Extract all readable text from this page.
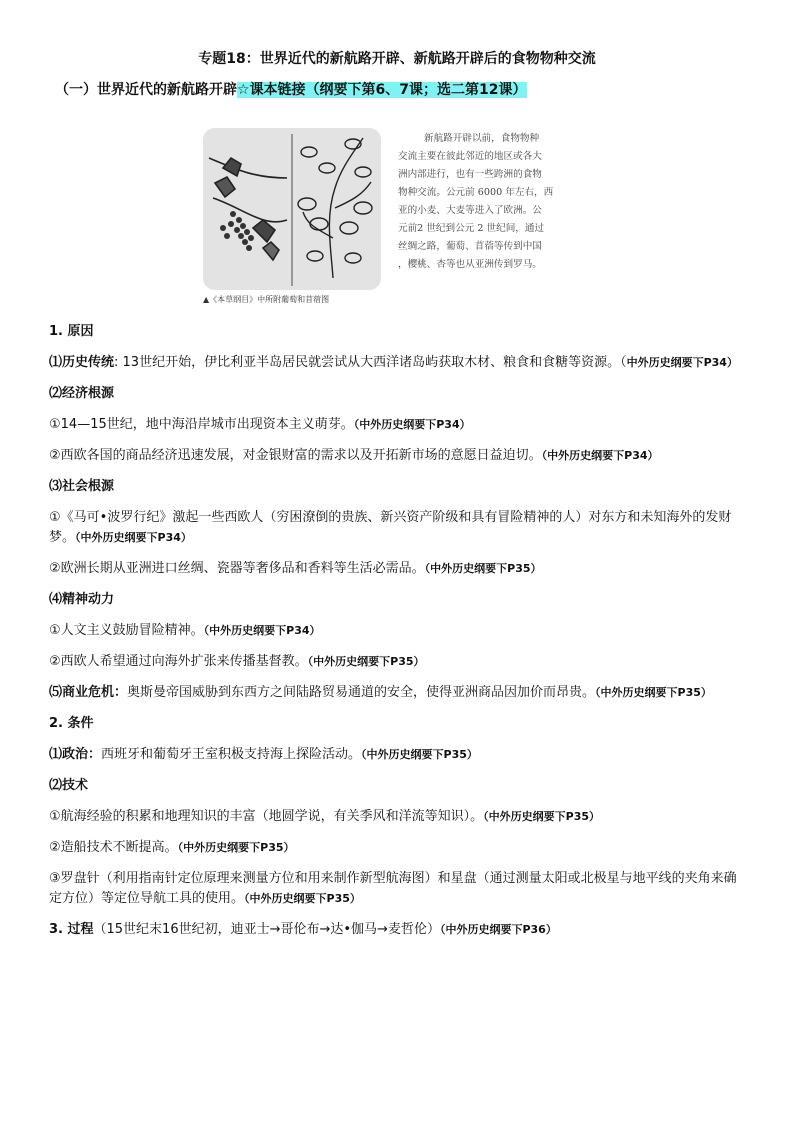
专题18：世界近代的新航路开辟、新航路开辟后的食物物种交流
（一）世界近代的新航路开辟☆课本链接（纲要下第6、7课；选二第12课）
▲《本草纲目》中所附葡萄和苜蓿图

新航路开辟以前，食物物种

交流主要在彼此邻近的地区或各大

洲内部进行，也有一些跨洲的食物

物种交流。公元前 6000 年左右，西

亚的小麦、大麦等进入了欧洲。公

元前2 世纪到公元 2 世纪间，通过

丝绸之路，葡萄、苜蓿等传到中国

，樱桃、杏等也从亚洲传到罗马。

1. 原因

⑴历史传统: 13世纪开始，伊比利亚半岛居民就尝试从大西洋诸岛屿获取木材、粮食和食糖等资源。（中外历史纲要下P34）

⑵经济根源

①14—15世纪，地中海沿岸城市出现资本主义萌芽。（中外历史纲要下P34）

②西欧各国的商品经济迅速发展，对金银财富的需求以及开拓新市场的意愿日益迫切。（中外历史纲要下P34）

⑶社会根源

①《马可•波罗行纪》激起一些西欧人（穷困潦倒的贵族、新兴资产阶级和具有冒险精神的人）对东方和未知海外的发财梦。（中外历史纲要下P34）

②欧洲长期从亚洲进口丝绸、瓷器等奢侈品和香料等生活必需品。（中外历史纲要下P35）

⑷精神动力

①人文主义鼓励冒险精神。（中外历史纲要下P34）

②西欧人希望通过向海外扩张来传播基督教。（中外历史纲要下P35）

⑸商业危机：奥斯曼帝国威胁到东西方之间陆路贸易通道的安全，使得亚洲商品因加价而昂贵。（中外历史纲要下P35）

2. 条件

⑴政治：西班牙和葡萄牙王室积极支持海上探险活动。（中外历史纲要下P35）

⑵技术

①航海经验的积累和地理知识的丰富（地圆学说，有关季风和洋流等知识）。（中外历史纲要下P35）

②造船技术不断提高。（中外历史纲要下P35）

③罗盘针（利用指南针定位原理来测量方位和用来制作新型航海图）和星盘（通过测量太阳或北极星与地平线的夹角来确定方位）等定位导航工具的使用。（中外历史纲要下P35）

3. 过程（15世纪末16世纪初，迪亚士→哥伦布→达•伽马→麦哲伦）（中外历史纲要下P36）
